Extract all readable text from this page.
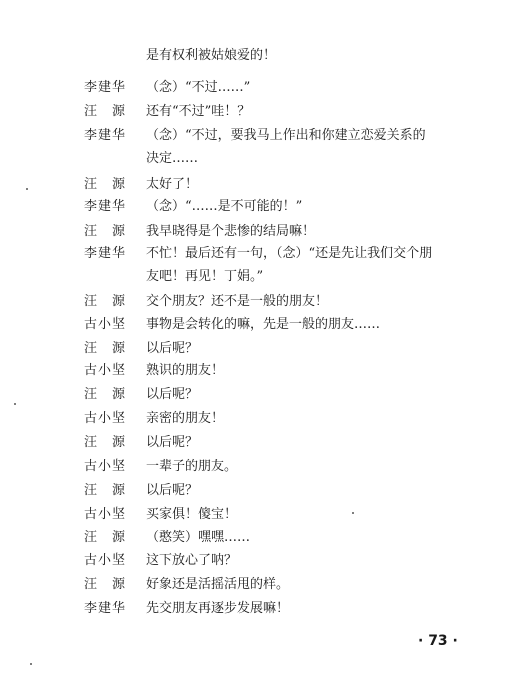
是有权利被姑娘爱的！
李建华 （念）“不过……”
汪　源 还有“不过”哇！？
李建华 （念）“不过，要我马上作出和你建立恋爱关系的
决定……
汪　源 太好了！
李建华 （念）“……是不可能的！”
汪　源 我早晓得是个悲惨的结局嘛！
李建华 不忙！最后还有一句，（念）“还是先让我们交个朋
友吧！再见！丁娟。”
汪　源 交个朋友？还不是一般的朋友！
古小坚 事物是会转化的嘛，先是一般的朋友……
汪　源 以后呢？
古小坚 熟识的朋友！
汪　源 以后呢？
古小坚 亲密的朋友！
汪　源 以后呢？
古小坚 一辈子的朋友。
汪　源 以后呢？
古小坚 买家俱！傻宝！
汪　源 （憨笑）嘿嘿……
古小坚 这下放心了呐？
汪　源 好象还是活摇活甩的样。
李建华 先交朋友再逐步发展嘛！
· 73 ·
